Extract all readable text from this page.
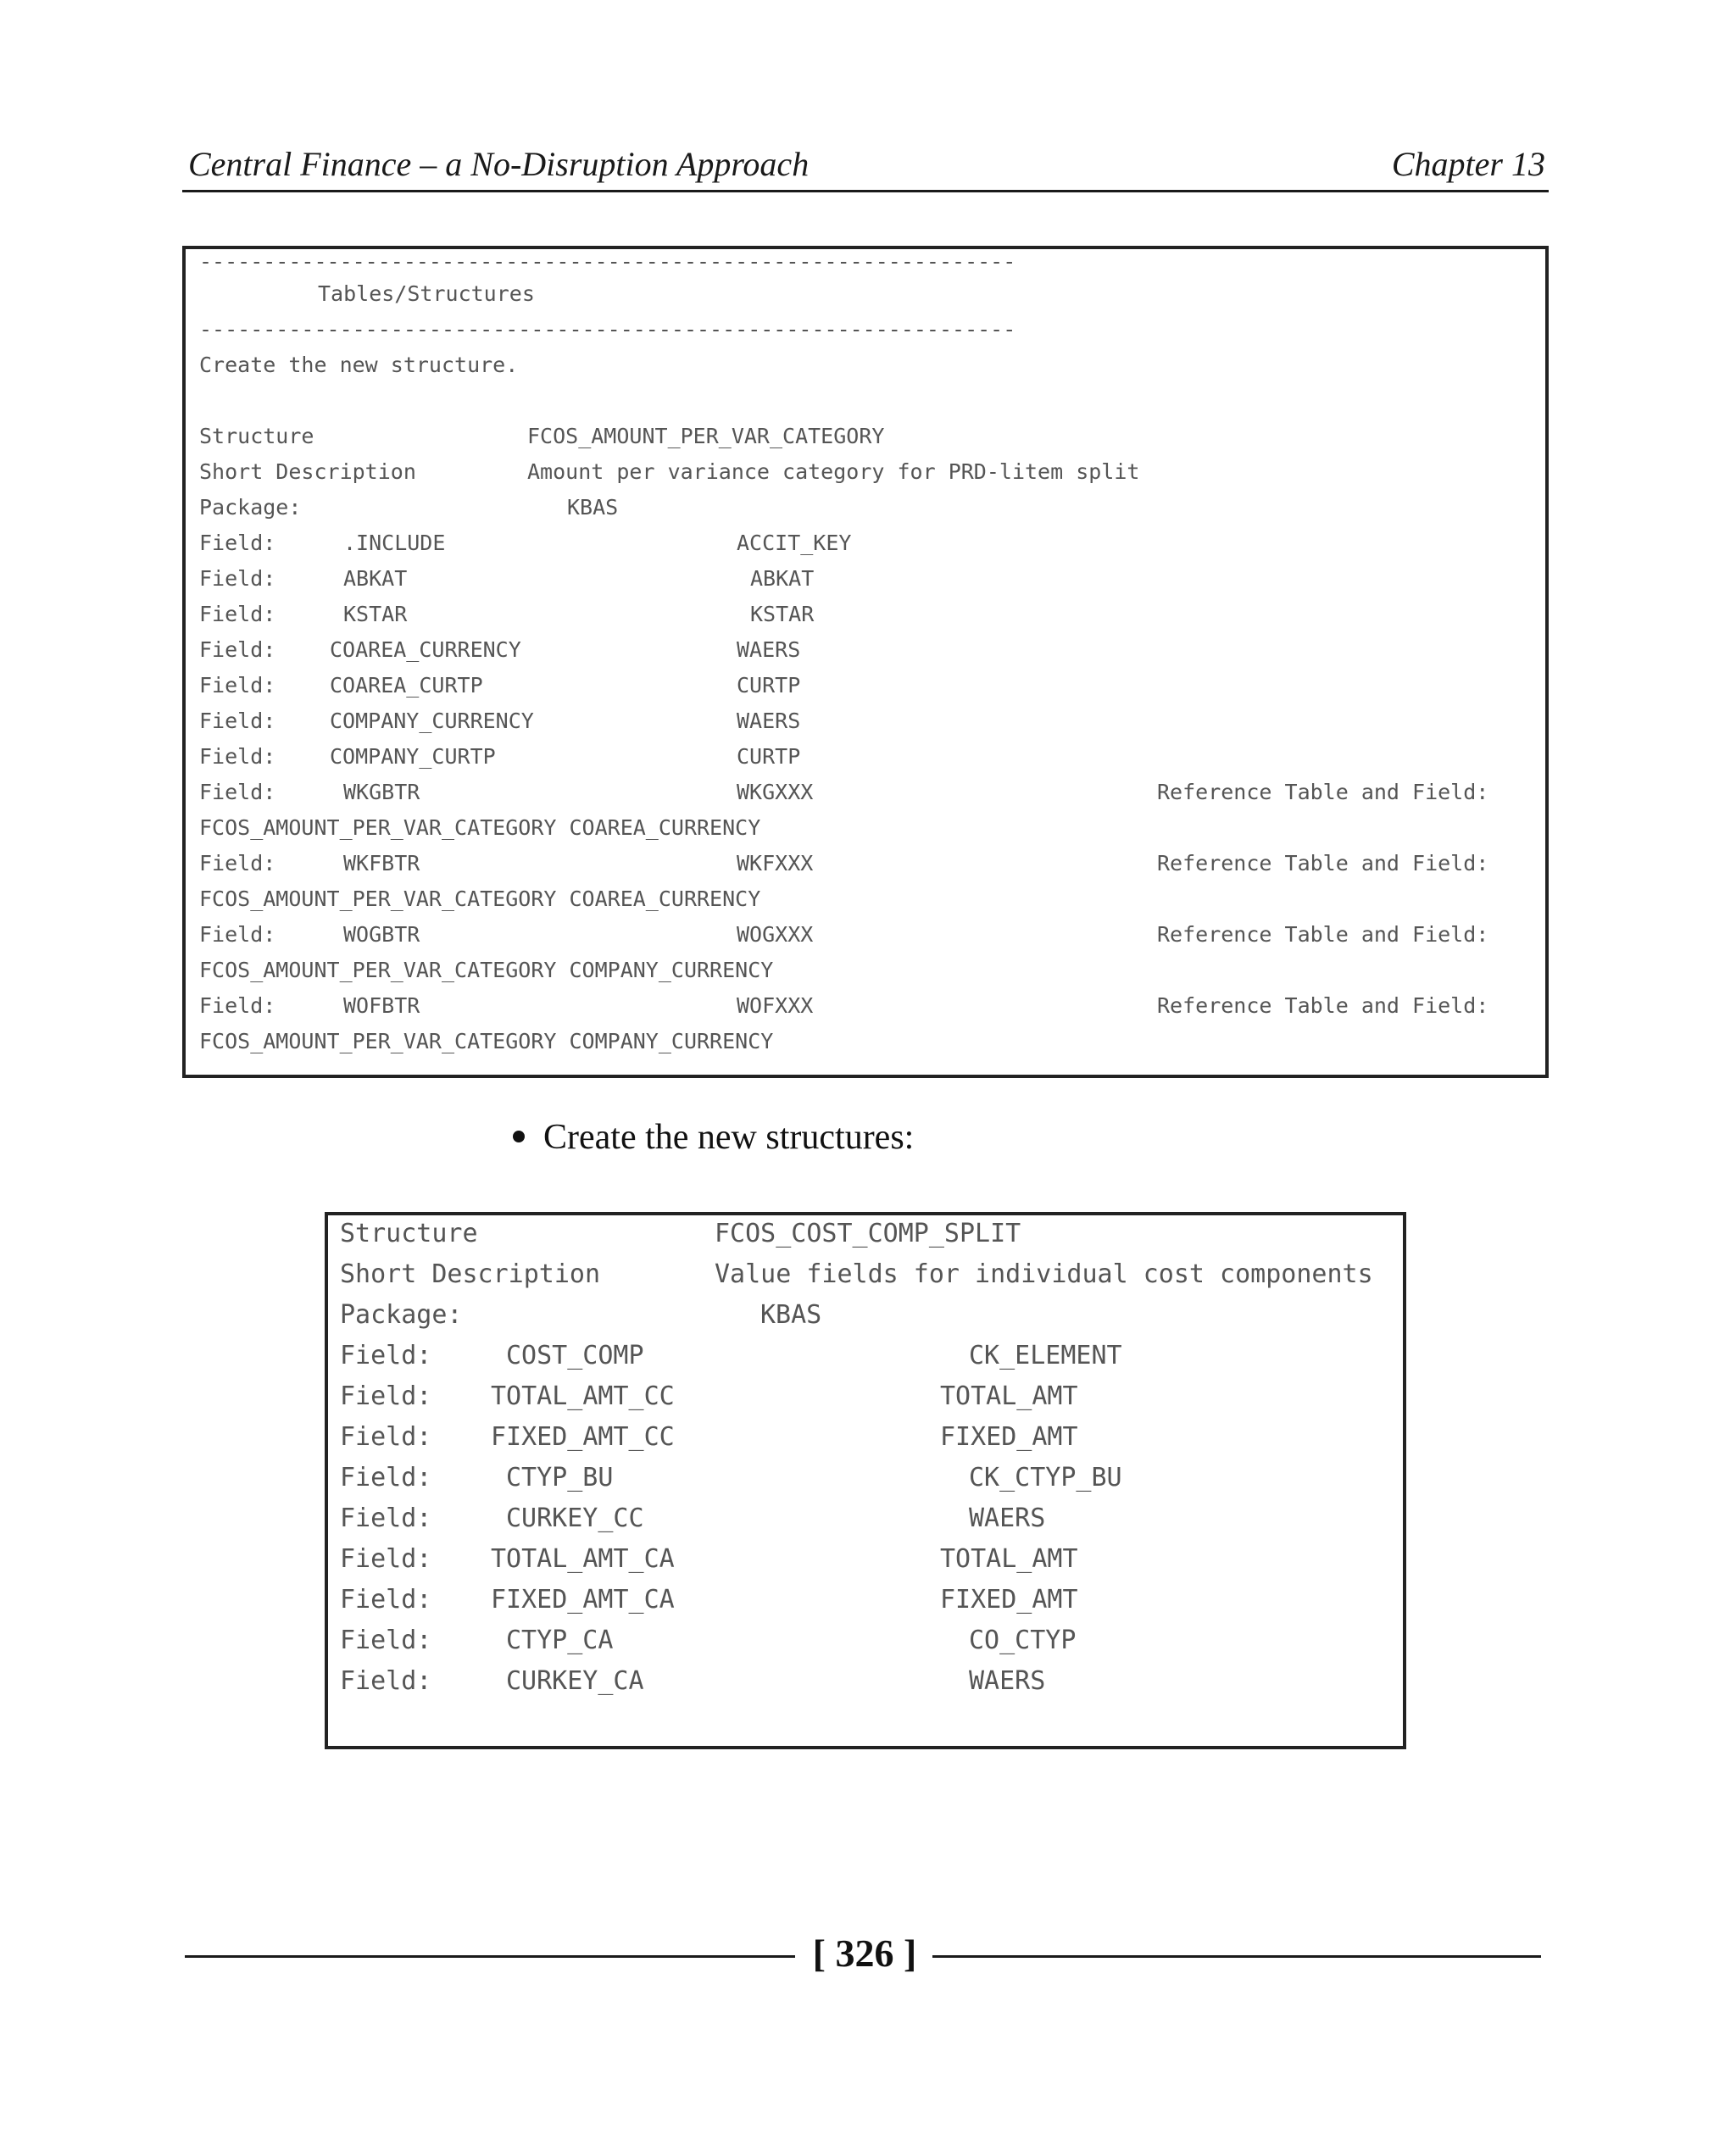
Central Finance – a No-Disruption Approach	Chapter 13
----------------------------------------------------------------
Tables/Structures
----------------------------------------------------------------
Create the new structure.
Structure	FCOS_AMOUNT_PER_VAR_CATEGORY
Short Description	Amount per variance category for PRD-litem split
Package:	KBAS
Field:	.INCLUDE	ACCIT_KEY
Field:	ABKAT	ABKAT
Field:	KSTAR	KSTAR
Field:	COAREA_CURRENCY	WAERS
Field:	COAREA_CURTP	CURTP
Field:	COMPANY_CURRENCY	WAERS
Field:	COMPANY_CURTP	CURTP
Field:	WKGBTR	WKGXXX	Reference Table and Field:
FCOS_AMOUNT_PER_VAR_CATEGORY COAREA_CURRENCY
Field:	WKFBTR	WKFXXX	Reference Table and Field:
FCOS_AMOUNT_PER_VAR_CATEGORY COAREA_CURRENCY
Field:	WOGBTR	WOGXXX	Reference Table and Field:
FCOS_AMOUNT_PER_VAR_CATEGORY COMPANY_CURRENCY
Field:	WOFBTR	WOFXXX	Reference Table and Field:
FCOS_AMOUNT_PER_VAR_CATEGORY COMPANY_CURRENCY
Create the new structures:
Structure	FCOS_COST_COMP_SPLIT
Short Description	Value fields for individual cost components
Package:	KBAS
Field:	COST_COMP	CK_ELEMENT
Field: TOTAL_AMT_CC	TOTAL_AMT
Field: FIXED_AMT_CC	FIXED_AMT
Field:	CTYP_BU	CK_CTYP_BU
Field:	CURKEY_CC	WAERS
Field: TOTAL_AMT_CA	TOTAL_AMT
Field: FIXED_AMT_CA	FIXED_AMT
Field:	CTYP_CA	CO_CTYP
Field:	CURKEY_CA	WAERS
[ 326 ]
